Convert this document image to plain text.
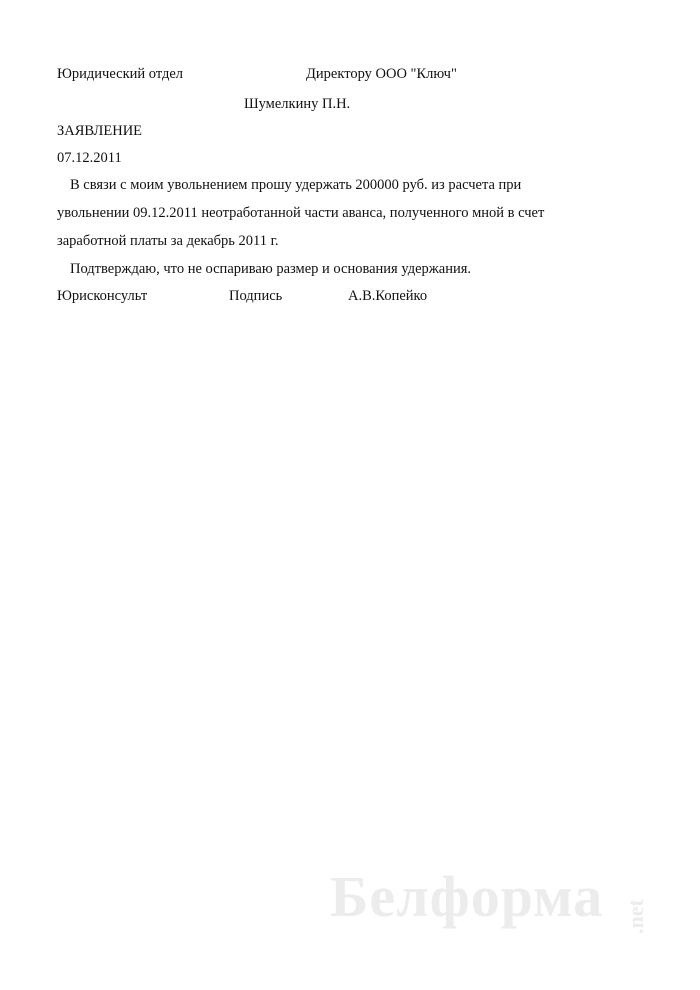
Юридический отдел	Директору ООО "Ключ"
Шумелкину П.Н.
ЗАЯВЛЕНИЕ
07.12.2011
В связи с моим увольнением прошу удержать 200000 руб. из расчета при
увольнении 09.12.2011 неотработанной части аванса, полученного мной в счет
заработной платы за декабрь 2011 г.
Подтверждаю, что не оспариваю размер и основания удержания.
Юрисконсульт	Подпись	А.В.Копейко
Белформа .net
